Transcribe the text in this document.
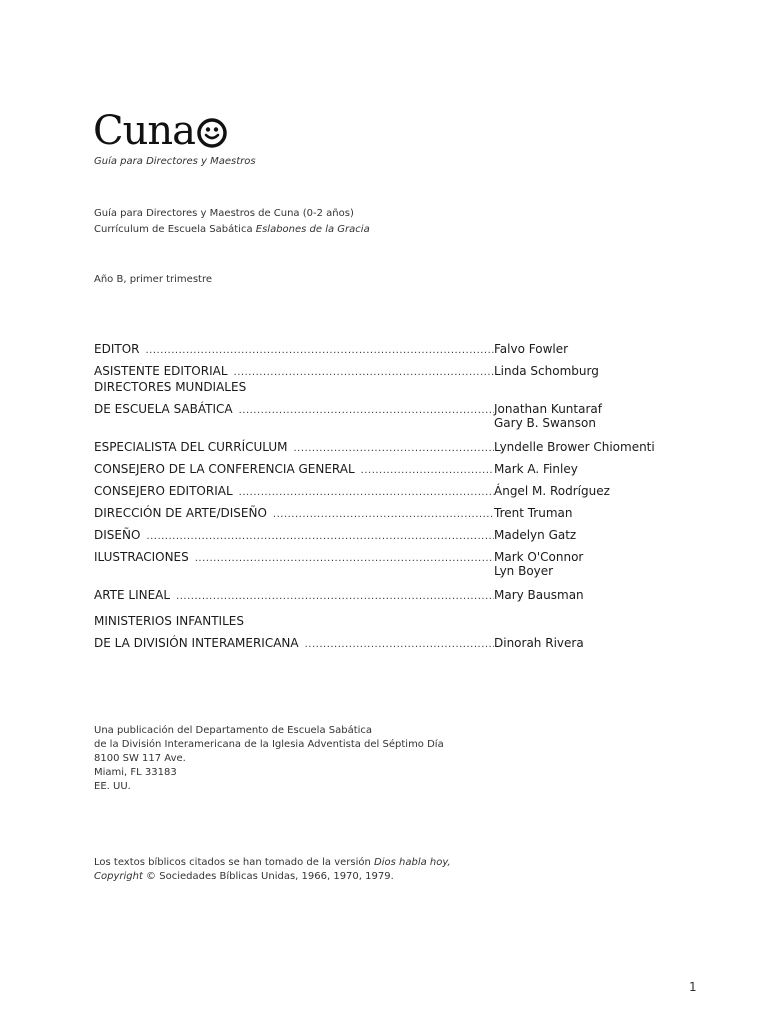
Cuna
Guía para Directores y Maestros
Guía para Directores y Maestros de Cuna (0-2 años)
Currículum de Escuela Sabática Eslabones de la Gracia
Año B, primer trimestre
EDITOR .....	Falvo Fowler
ASISTENTE EDITORIAL .....	Linda Schomburg
DIRECTORES MUNDIALES
DE ESCUELA SABÁTICA .....	Jonathan Kuntaraf
Gary B. Swanson
ESPECIALISTA DEL CURRÍCULUM .....	Lyndelle Brower Chiomenti
CONSEJERO DE LA CONFERENCIA GENERAL .....	Mark A. Finley
CONSEJERO EDITORIAL .....	Ángel M. Rodríguez
DIRECCIÓN DE ARTE/DISEÑO .....	Trent Truman
DISEÑO .....	Madelyn Gatz
ILUSTRACIONES .....	Mark O'Connor
Lyn Boyer
ARTE LINEAL .....	Mary Bausman
MINISTERIOS INFANTILES
DE LA DIVISIÓN INTERAMERICANA .....	Dinorah Rivera
Una publicación del Departamento de Escuela Sabática
de la División Interamericana de la Iglesia Adventista del Séptimo Día
8100 SW 117 Ave.
Miami, FL 33183
EE. UU.
Los textos bíblicos citados se han tomado de la versión Dios habla hoy,
Copyright © Sociedades Bíblicas Unidas, 1966, 1970, 1979.
1
